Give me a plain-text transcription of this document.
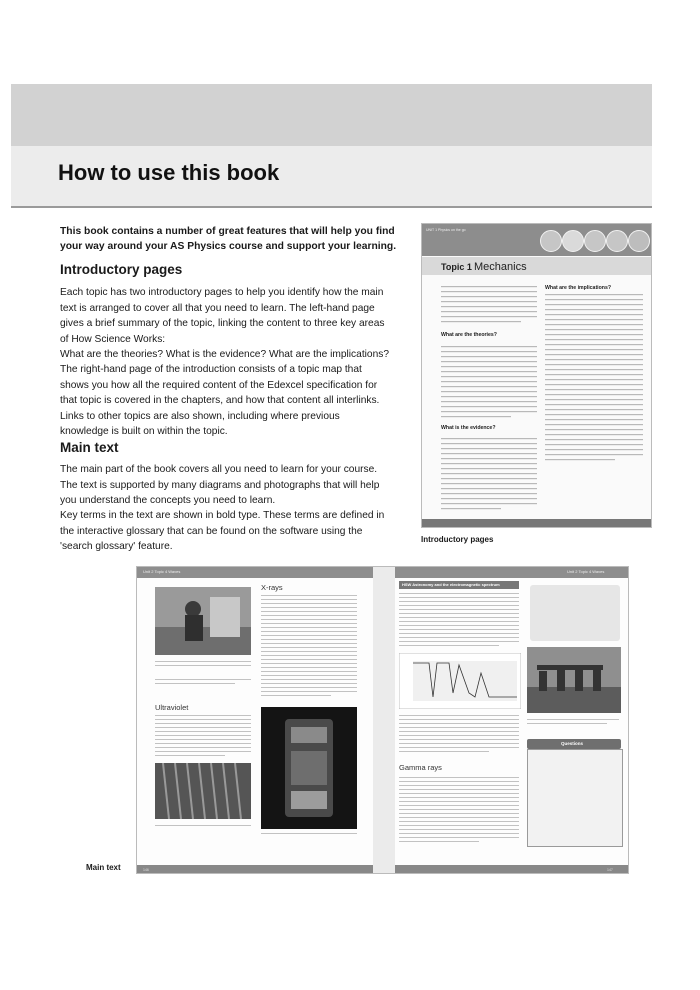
How to use this book

This book contains a number of great features that will help you find your way around your AS Physics course and support your learning.

Introductory pages

Each topic has two introductory pages to help you identify how the main text is arranged to cover all that you need to learn. The left-hand page gives a brief summary of the topic, linking the content to three key areas of How Science Works:

What are the theories? What is the evidence? What are the implications?

The right-hand page of the introduction consists of a topic map that shows you how all the required content of the Edexcel specification for that topic is covered in the chapters, and how that content all interlinks. Links to other topics are also shown, including where previous knowledge is built on within the topic.

Main text

The main part of the book covers all you need to learn for your course. The text is supported by many diagrams and photographs that will help you understand the concepts you need to learn.

Key terms in the text are shown in bold type. These terms are defined in the interactive glossary that can be found on the software using the 'search glossary' feature.

UNIT 1 Physics on the go
Topic 1 Mechanics
What are the theories?
What is the evidence?
What are the implications?
Introductory pages
Unit 2 Topic 4 Waves	Unit 2 Topic 4 Waves
X-rays
Ultraviolet
HSW Astronomy and the electromagnetic spectrum
Gamma rays
Questions
146	147
Main text
